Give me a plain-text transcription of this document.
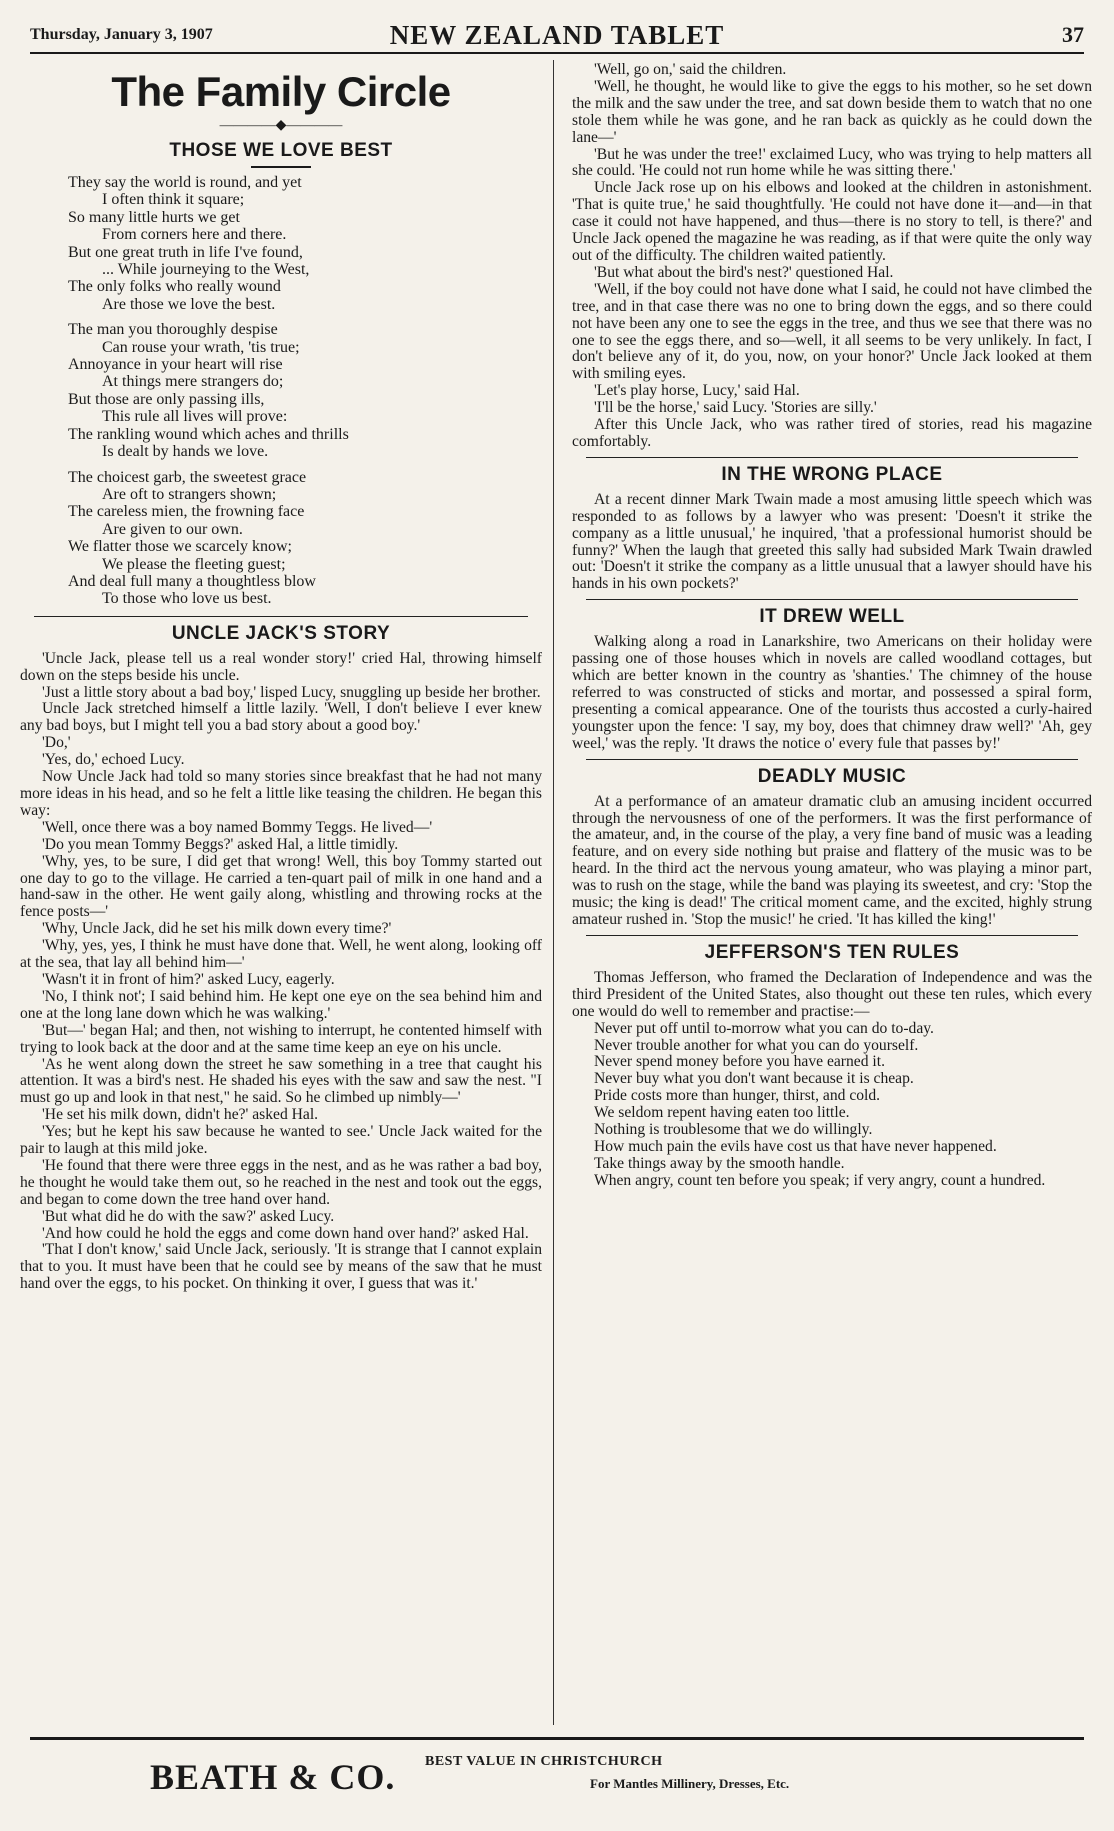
Thursday, January 3, 1907	NEW ZEALAND TABLET	37
The Family Circle
――――◆――――
THOSE WE LOVE BEST
They say the world is round, and yet
I often think it square;
So many little hurts we get
From corners here and there.
But one great truth in life I've found,
... While journeying to the West,
The only folks who really wound
Are those we love the best.
The man you thoroughly despise
Can rouse your wrath, 'tis true;
Annoyance in your heart will rise
At things mere strangers do;
But those are only passing ills,
This rule all lives will prove:
The rankling wound which aches and thrills
Is dealt by hands we love.
The choicest garb, the sweetest grace
Are oft to strangers shown;
The careless mien, the frowning face
Are given to our own.
We flatter those we scarcely know;
We please the fleeting guest;
And deal full many a thoughtless blow
To those who love us best.
UNCLE JACK'S STORY

'Uncle Jack, please tell us a real wonder story!' cried Hal, throwing himself down on the steps beside his uncle.

'Just a little story about a bad boy,' lisped Lucy, snuggling up beside her brother.

Uncle Jack stretched himself a little lazily. 'Well, I don't believe I ever knew any bad boys, but I might tell you a bad story about a good boy.'

'Do,'

'Yes, do,' echoed Lucy.

Now Uncle Jack had told so many stories since breakfast that he had not many more ideas in his head, and so he felt a little like teasing the children. He began this way:

'Well, once there was a boy named Bommy Teggs. He lived—'

'Do you mean Tommy Beggs?' asked Hal, a little timidly.

'Why, yes, to be sure, I did get that wrong! Well, this boy Tommy started out one day to go to the village. He carried a ten-quart pail of milk in one hand and a hand-saw in the other. He went gaily along, whistling and throwing rocks at the fence posts—'

'Why, Uncle Jack, did he set his milk down every time?'

'Why, yes, yes, I think he must have done that. Well, he went along, looking off at the sea, that lay all behind him—'

'Wasn't it in front of him?' asked Lucy, eagerly.

'No, I think not'; I said behind him. He kept one eye on the sea behind him and one at the long lane down which he was walking.'

'But—' began Hal; and then, not wishing to interrupt, he contented himself with trying to look back at the door and at the same time keep an eye on his uncle.

'As he went along down the street he saw something in a tree that caught his attention. It was a bird's nest. He shaded his eyes with the saw and saw the nest. "I must go up and look in that nest," he said. So he climbed up nimbly—'

'He set his milk down, didn't he?' asked Hal.

'Yes; but he kept his saw because he wanted to see.' Uncle Jack waited for the pair to laugh at this mild joke.

'He found that there were three eggs in the nest, and as he was rather a bad boy, he thought he would take them out, so he reached in the nest and took out the eggs, and began to come down the tree hand over hand.

'But what did he do with the saw?' asked Lucy.

'And how could he hold the eggs and come down hand over hand?' asked Hal.

'That I don't know,' said Uncle Jack, seriously. 'It is strange that I cannot explain that to you. It must have been that he could see by means of the saw that he must hand over the eggs, to his pocket. On thinking it over, I guess that was it.'

'Well, go on,' said the children.

'Well, he thought, he would like to give the eggs to his mother, so he set down the milk and the saw under the tree, and sat down beside them to watch that no one stole them while he was gone, and he ran back as quickly as he could down the lane—'

'But he was under the tree!' exclaimed Lucy, who was trying to help matters all she could. 'He could not run home while he was sitting there.'

Uncle Jack rose up on his elbows and looked at the children in astonishment. 'That is quite true,' he said thoughtfully. 'He could not have done it—and—in that case it could not have happened, and thus—there is no story to tell, is there?' and Uncle Jack opened the magazine he was reading, as if that were quite the only way out of the difficulty. The children waited patiently.

'But what about the bird's nest?' questioned Hal.

'Well, if the boy could not have done what I said, he could not have climbed the tree, and in that case there was no one to bring down the eggs, and so there could not have been any one to see the eggs in the tree, and thus we see that there was no one to see the eggs there, and so—well, it all seems to be very unlikely. In fact, I don't believe any of it, do you, now, on your honor?' Uncle Jack looked at them with smiling eyes.

'Let's play horse, Lucy,' said Hal.

'I'll be the horse,' said Lucy. 'Stories are silly.'

After this Uncle Jack, who was rather tired of stories, read his magazine comfortably.

IN THE WRONG PLACE

At a recent dinner Mark Twain made a most amusing little speech which was responded to as follows by a lawyer who was present: 'Doesn't it strike the company as a little unusual,' he inquired, 'that a professional humorist should be funny?' When the laugh that greeted this sally had subsided Mark Twain drawled out: 'Doesn't it strike the company as a little unusual that a lawyer should have his hands in his own pockets?'

IT DREW WELL

Walking along a road in Lanarkshire, two Americans on their holiday were passing one of those houses which in novels are called woodland cottages, but which are better known in the country as 'shanties.' The chimney of the house referred to was constructed of sticks and mortar, and possessed a spiral form, presenting a comical appearance. One of the tourists thus accosted a curly-haired youngster upon the fence: 'I say, my boy, does that chimney draw well?' 'Ah, gey weel,' was the reply. 'It draws the notice o' every fule that passes by!'

DEADLY MUSIC

At a performance of an amateur dramatic club an amusing incident occurred through the nervousness of one of the performers. It was the first performance of the amateur, and, in the course of the play, a very fine band of music was a leading feature, and on every side nothing but praise and flattery of the music was to be heard. In the third act the nervous young amateur, who was playing a minor part, was to rush on the stage, while the band was playing its sweetest, and cry: 'Stop the music; the king is dead!' The critical moment came, and the excited, highly strung amateur rushed in. 'Stop the music!' he cried. 'It has killed the king!'

JEFFERSON'S TEN RULES

Thomas Jefferson, who framed the Declaration of Independence and was the third President of the United States, also thought out these ten rules, which every one would do well to remember and practise:—

Never put off until to-morrow what you can do to-day.

Never trouble another for what you can do yourself.

Never spend money before you have earned it.

Never buy what you don't want because it is cheap.

Pride costs more than hunger, thirst, and cold.

We seldom repent having eaten too little.

Nothing is troublesome that we do willingly.

How much pain the evils have cost us that have never happened.

Take things away by the smooth handle.

When angry, count ten before you speak; if very angry, count a hundred.

BEATH & CO. BEST VALUE IN CHRISTCHURCH
For Mantles Millinery, Dresses, Etc.
